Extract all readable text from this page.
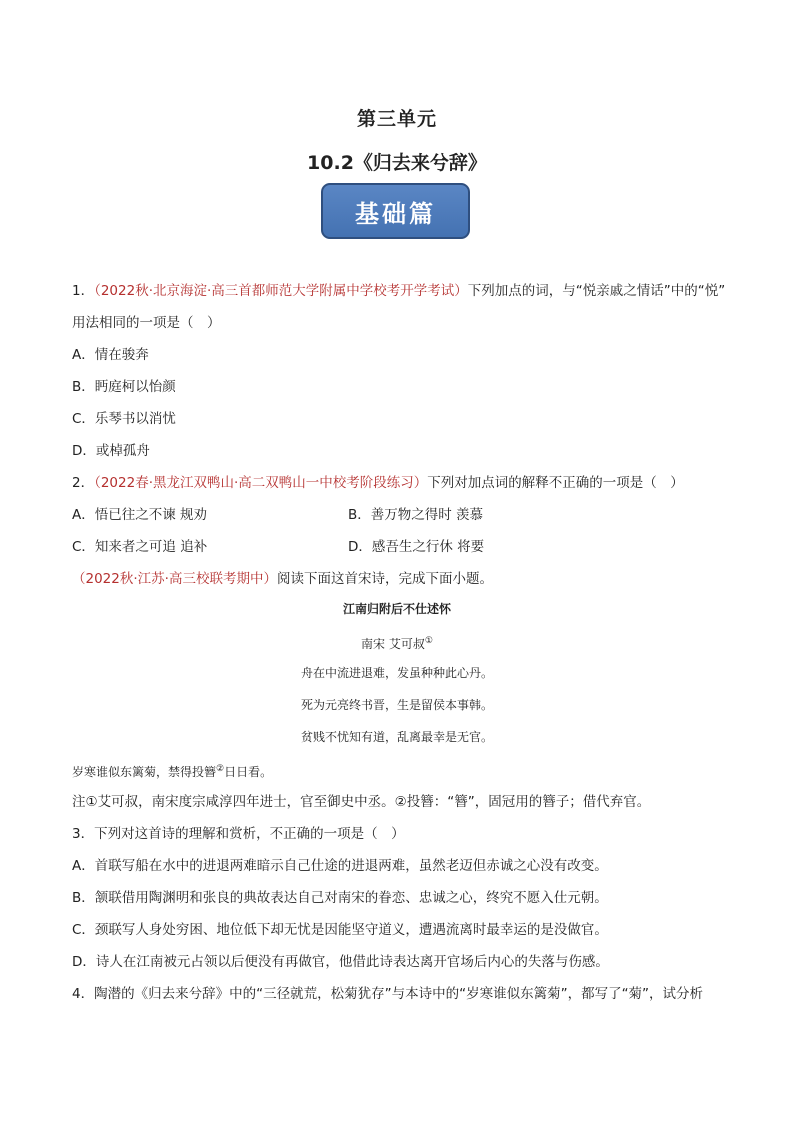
第三单元
10.2《归去来兮辞》
基础篇
1．（2022秋·北京海淀·高三首都师范大学附属中学校考开学考试）下列加点的词，与“悦亲戚之情话”中的“悦”
用法相同的一项是（　）
A．情在骏奔
B．眄庭柯以怡颜
C．乐琴书以消忧
D．或棹孤舟
2．（2022春·黑龙江双鸭山·高二双鸭山一中校考阶段练习）下列对加点词的解释不正确的一项是（　）
A．悟已往之不谏 规劝	B．善万物之得时 羡慕
C．知来者之可追 追补	D．感吾生之行休 将要
（2022秋·江苏·高三校联考期中）阅读下面这首宋诗，完成下面小题。
江南归附后不仕述怀
南宋 艾可叔①
舟在中流进退难，发虽种种此心丹。
死为元亮终书晋，生是留侯本事韩。
贫贱不忧知有道，乱离最幸是无官。
岁寒谁似东篱菊，禁得投簪②日日看。
注①艾可叔，南宋度宗咸淳四年进士，官至御史中丞。②投簪：“簪”，固冠用的簪子；借代弃官。
3．下列对这首诗的理解和赏析，不正确的一项是（　）
A．首联写船在水中的进退两难暗示自己仕途的进退两难，虽然老迈但赤诚之心没有改变。
B．颔联借用陶渊明和张良的典故表达自己对南宋的眷恋、忠诚之心，终究不愿入仕元朝。
C．颈联写人身处穷困、地位低下却无忧是因能坚守道义，遭遇流离时最幸运的是没做官。
D．诗人在江南被元占领以后便没有再做官，他借此诗表达离开官场后内心的失落与伤感。
4．陶潜的《归去来兮辞》中的“三径就荒，松菊犹存”与本诗中的“岁寒谁似东篱菊”，都写了“菊”，试分析
